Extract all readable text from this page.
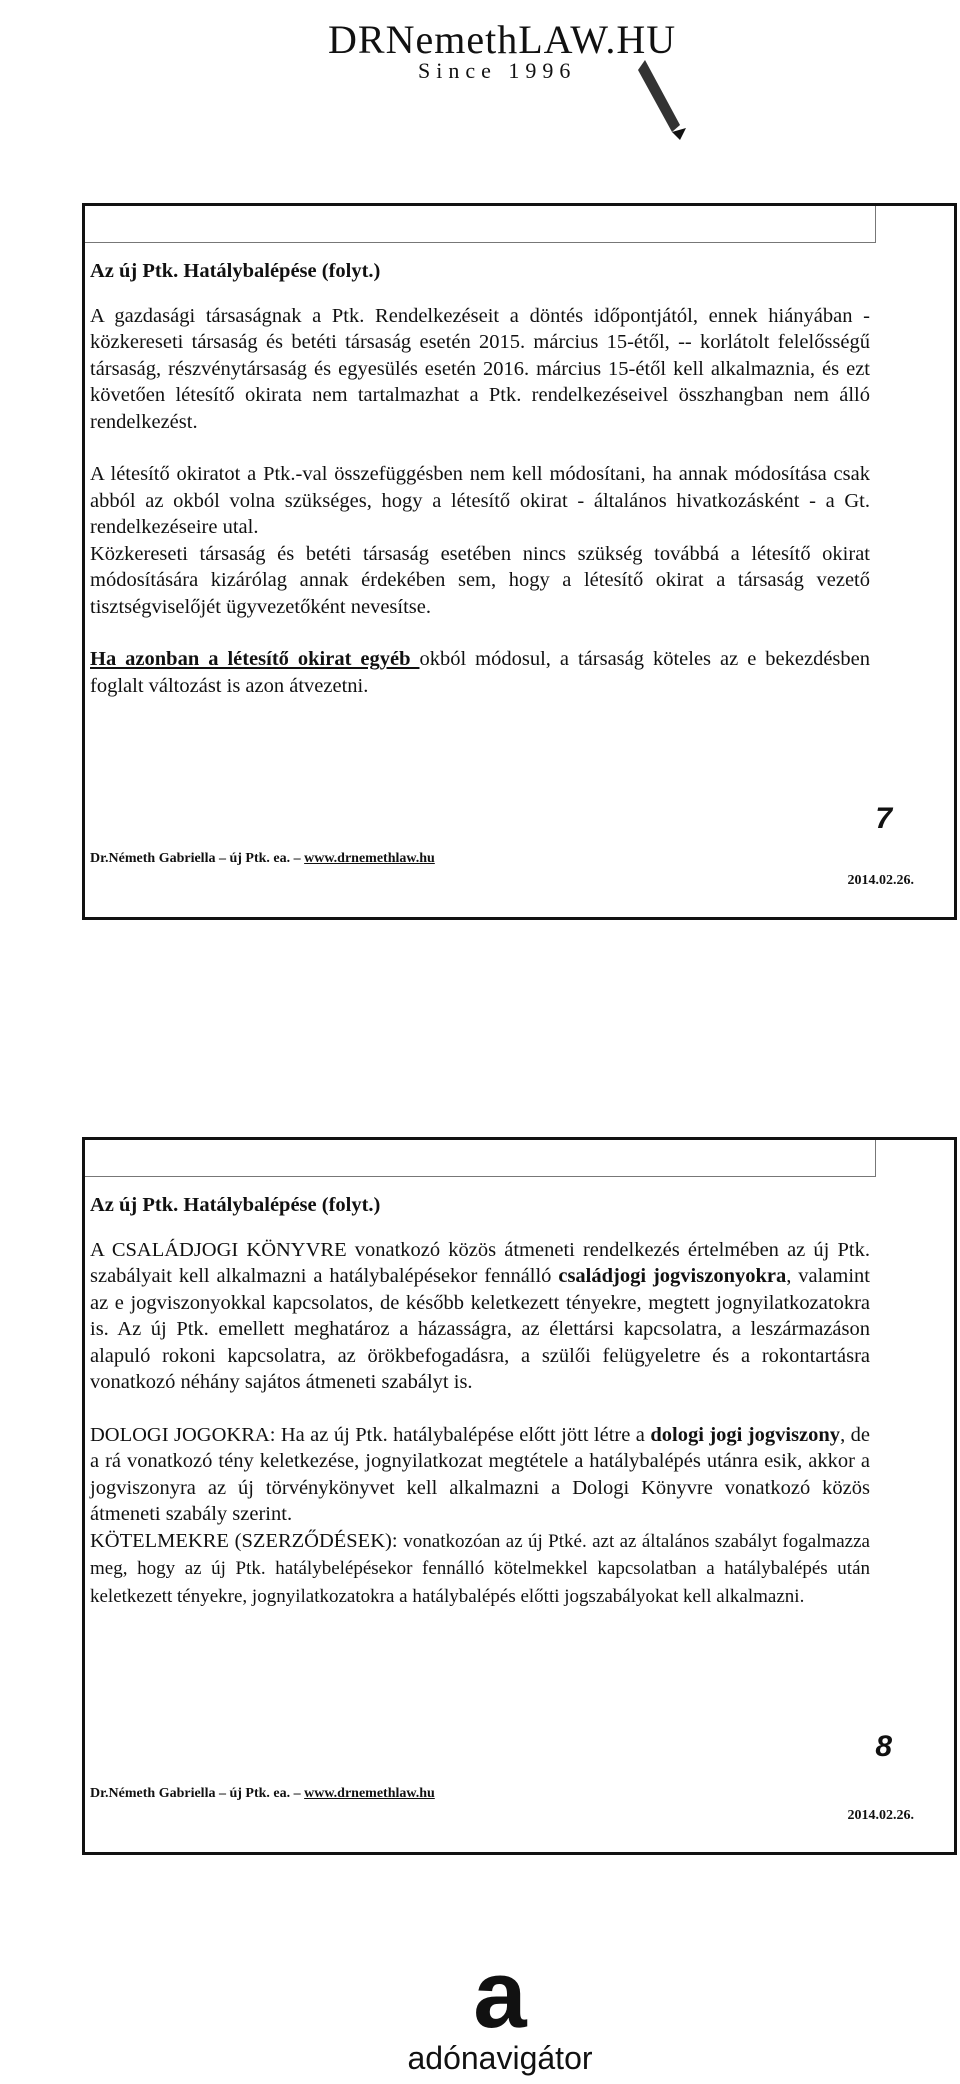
DRNemethLAW.HU
Since 1996
Az új Ptk. Hatálybalépése (folyt.)

A gazdasági társaságnak a Ptk. Rendelkezéseit a döntés időpontjától, ennek hiányában -közkereseti társaság és betéti társaság esetén 2015. március 15-étől, -- korlátolt felelősségű társaság, részvénytársaság és egyesülés esetén 2016. március 15-étől kell alkalmaznia, és ezt követően létesítő okirata nem tartalmazhat a Ptk. rendelkezéseivel összhangban nem álló rendelkezést.

A létesítő okiratot a Ptk.-val összefüggésben nem kell módosítani, ha annak módosítása csak abból az okból volna szükséges, hogy a létesítő okirat - általános hivatkozásként - a Gt. rendelkezéseire utal.

Közkereseti társaság és betéti társaság esetében nincs szükség továbbá a létesítő okirat módosítására kizárólag annak érdekében sem, hogy a létesítő okirat a társaság vezető tisztségviselőjét ügyvezetőként nevesítse.

Ha azonban a létesítő okirat egyéb okból módosul, a társaság köteles az e bekezdésben foglalt változást is azon átvezetni.

7
Dr.Németh Gabriella – új Ptk. ea. – www.drnemethlaw.hu
2014.02.26.
Az új Ptk. Hatálybalépése (folyt.)

A CSALÁDJOGI KÖNYVRE vonatkozó közös átmeneti rendelkezés értelmében az új Ptk. szabályait kell alkalmazni a hatálybalépésekor fennálló családjogi jogviszonyokra, valamint az e jogviszonyokkal kapcsolatos, de később keletkezett tényekre, megtett jognyilatkozatokra is. Az új Ptk. emellett meghatároz a házasságra, az élettársi kapcsolatra, a leszármazáson alapuló rokoni kapcsolatra, az örökbefogadásra, a szülői felügyeletre és a rokontartásra vonatkozó néhány sajátos átmeneti szabályt is.

DOLOGI JOGOKRA: Ha az új Ptk. hatálybalépése előtt jött létre a dologi jogi jogviszony, de a rá vonatkozó tény keletkezése, jognyilatkozat megtétele a hatálybalépés utánra esik, akkor a jogviszonyra az új törvénykönyvet kell alkalmazni a Dologi Könyvre vonatkozó közös átmeneti szabály szerint.

KÖTELMEKRE (SZERZŐDÉSEK): vonatkozóan az új Ptké. azt az általános szabályt fogalmazza meg, hogy az új Ptk. hatálybelépésekor fennálló kötelmekkel kapcsolatban a hatálybalépés után keletkezett tényekre, jognyilatkozatokra a hatálybalépés előtti jogszabályokat kell alkalmazni.

8
Dr.Németh Gabriella – új Ptk. ea. – www.drnemethlaw.hu
2014.02.26.
a
adónavigátor
